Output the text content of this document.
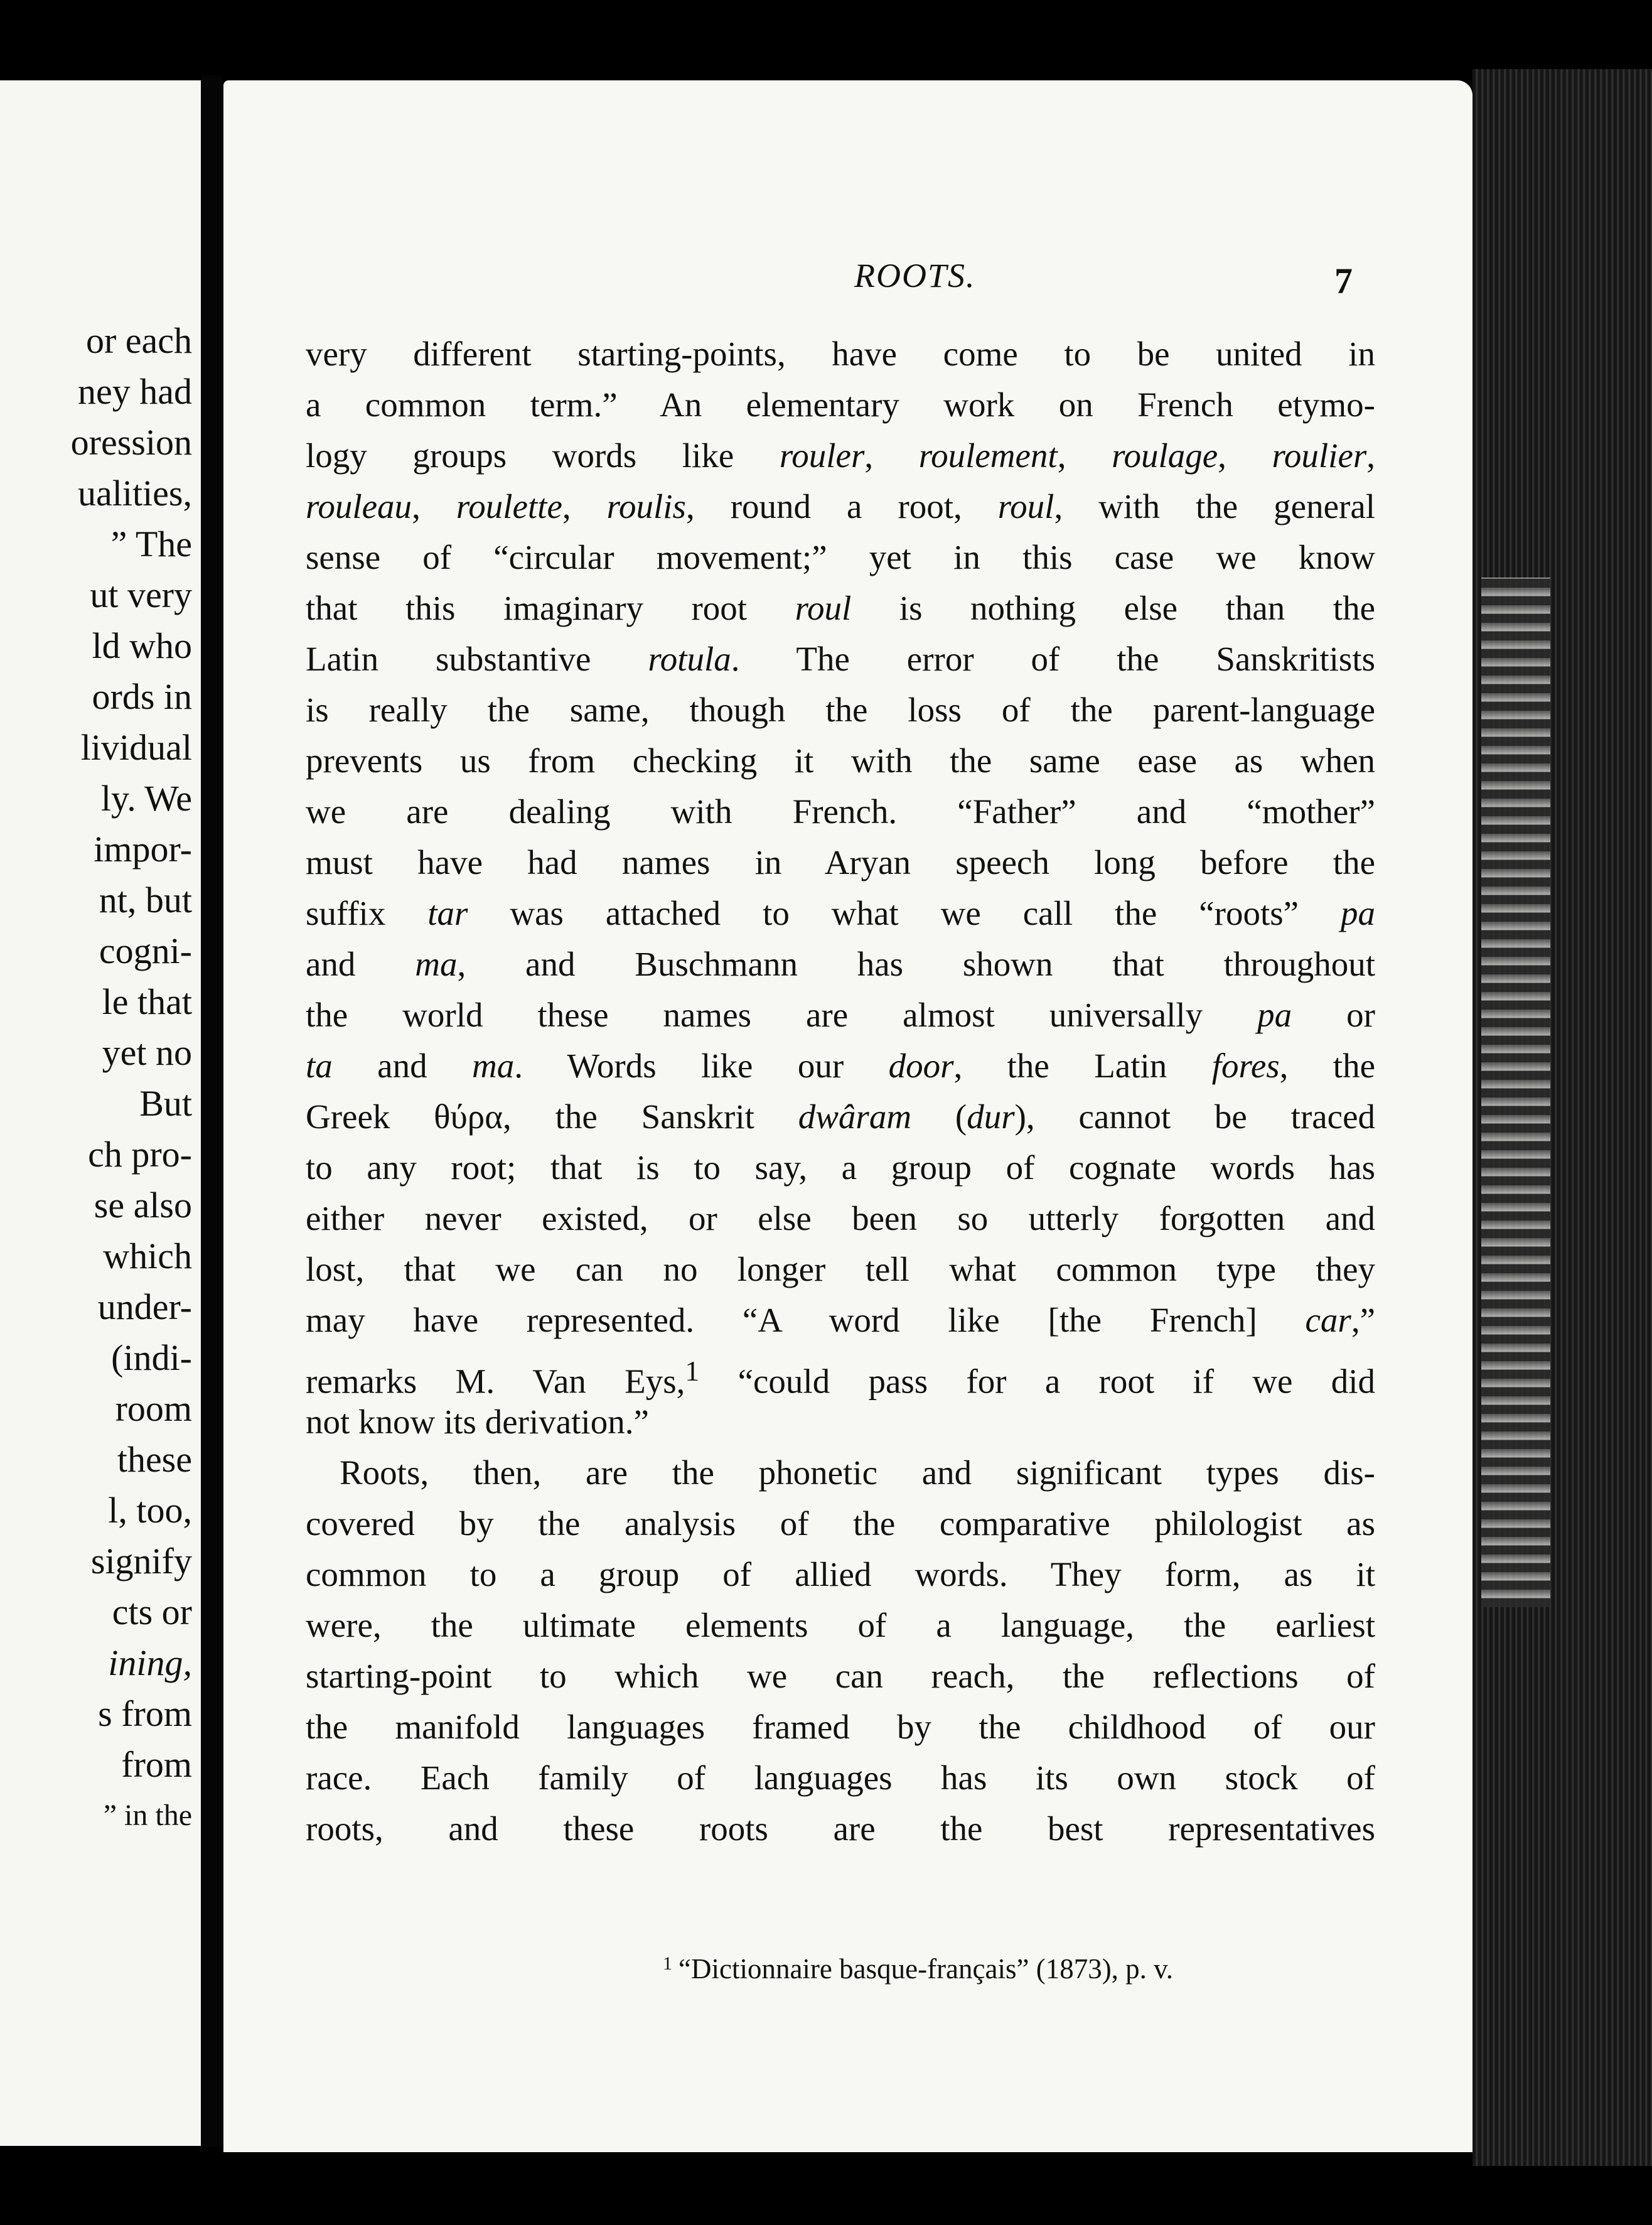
or each
ney had
oression
ualities,
” The
ut very
ld who
ords in
lividual
ly. We
impor-
nt, but
cogni-
le that
yet no
But
ch pro-
se also
which
under-
(indi-
room
these
l, too,
signify
cts or
ining,
s from
from
” in the
ROOTS.	7
very different starting-points, have come to be united in
a common term.” An elementary work on French etymo-
logy groups words like rouler, roulement, roulage, roulier,
rouleau, roulette, roulis, round a root, roul, with the general
sense of “circular movement;” yet in this case we know
that this imaginary root roul is nothing else than the
Latin substantive rotula. The error of the Sanskritists
is really the same, though the loss of the parent-language
prevents us from checking it with the same ease as when
we are dealing with French. “Father” and “mother”
must have had names in Aryan speech long before the
suffix tar was attached to what we call the “roots” pa
and ma, and Buschmann has shown that throughout
the world these names are almost universally pa or
ta and ma. Words like our door, the Latin fores, the
Greek θύρα, the Sanskrit dwâram (dur), cannot be traced
to any root; that is to say, a group of cognate words has
either never existed, or else been so utterly forgotten and
lost, that we can no longer tell what common type they
may have represented. “A word like [the French] car,”
remarks M. Van Eys,$^1$ “could pass for a root if we did
not know its derivation.”
Roots, then, are the phonetic and significant types dis-
covered by the analysis of the comparative philologist as
common to a group of allied words. They form, as it
were, the ultimate elements of a language, the earliest
starting-point to which we can reach, the reflections of
the manifold languages framed by the childhood of our
race. Each family of languages has its own stock of
roots, and these roots are the best representatives
$^1$ “Dictionnaire basque-français” (1873), p. v.
